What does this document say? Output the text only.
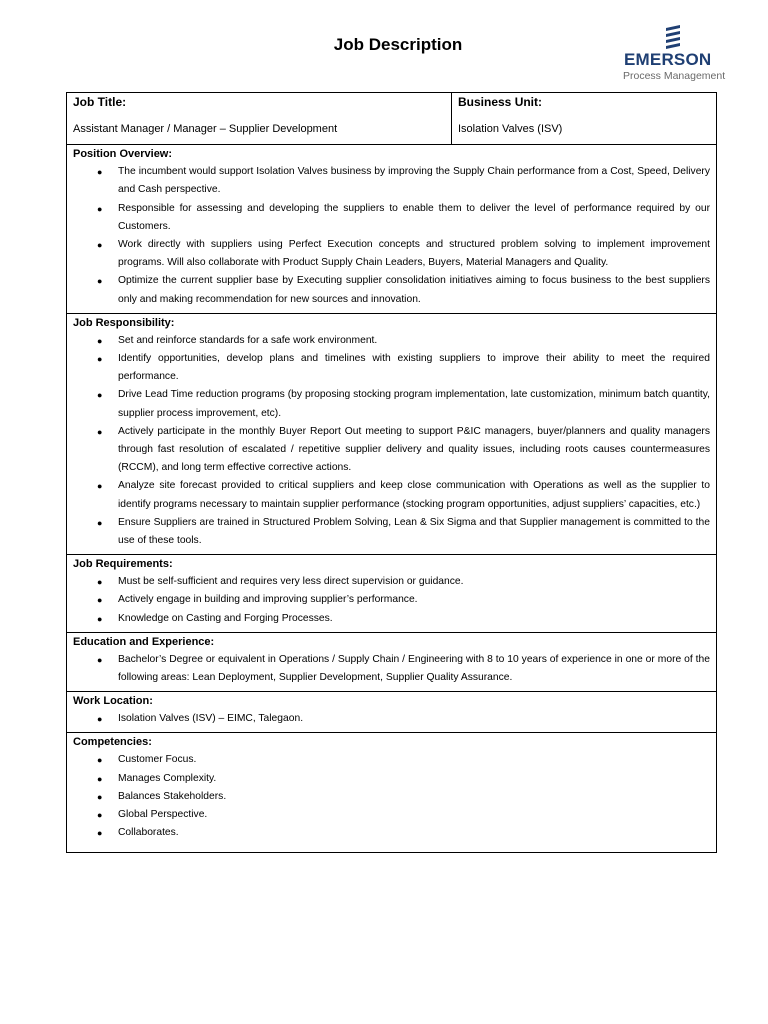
Job Description
EMERSON
Process Management
Job Title:
Assistant Manager / Manager – Supplier Development

Business Unit:
Isolation Valves (ISV)

Position Overview:
● The incumbent would support Isolation Valves business by improving the Supply Chain performance from a Cost, Speed, Delivery and Cash perspective.
● Responsible for assessing and developing the suppliers to enable them to deliver the level of performance required by our Customers.
● Work directly with suppliers using Perfect Execution concepts and structured problem solving to implement improvement programs. Will also collaborate with Product Supply Chain Leaders, Buyers, Material Managers and Quality.
● Optimize the current supplier base by Executing supplier consolidation initiatives aiming to focus business to the best suppliers only and making recommendation for new sources and innovation.

Job Responsibility:
● Set and reinforce standards for a safe work environment.
● Identify opportunities, develop plans and timelines with existing suppliers to improve their ability to meet the required performance.
● Drive Lead Time reduction programs (by proposing stocking program implementation, late customization, minimum batch quantity, supplier process improvement, etc).
● Actively participate in the monthly Buyer Report Out meeting to support P&IC managers, buyer/planners and quality managers through fast resolution of escalated / repetitive supplier delivery and quality issues, including roots causes countermeasures (RCCM), and long term effective corrective actions.
● Analyze site forecast provided to critical suppliers and keep close communication with Operations as well as the supplier to identify programs necessary to maintain supplier performance (stocking program opportunities, adjust suppliers’ capacities, etc.)
● Ensure Suppliers are trained in Structured Problem Solving, Lean & Six Sigma and that Supplier management is committed to the use of these tools.

Job Requirements:
● Must be self-sufficient and requires very less direct supervision or guidance.
● Actively engage in building and improving supplier’s performance.
● Knowledge on Casting and Forging Processes.

Education and Experience:
● Bachelor’s Degree or equivalent in Operations / Supply Chain / Engineering with 8 to 10 years of experience in one or more of the following areas: Lean Deployment, Supplier Development, Supplier Quality Assurance.

Work Location:
● Isolation Valves (ISV) – EIMC, Talegaon.

Competencies:
● Customer Focus.
● Manages Complexity.
● Balances Stakeholders.
● Global Perspective.
● Collaborates.
